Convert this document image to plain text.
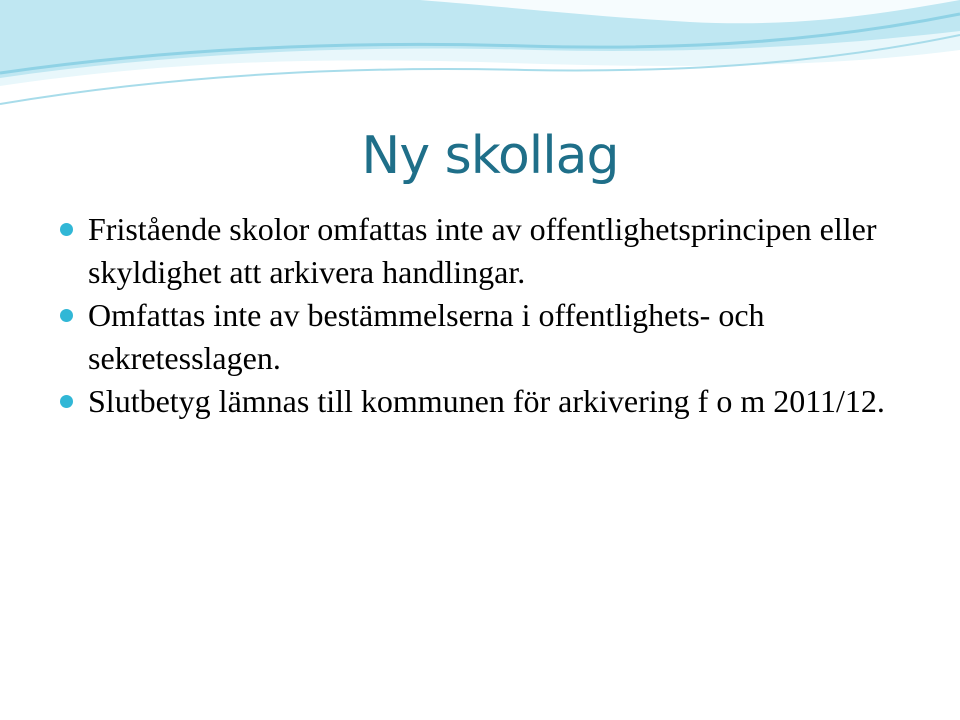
Ny skollag
Fristående skolor omfattas inte av offentlighetsprincipen eller skyldighet att arkivera handlingar.
Omfattas inte av bestämmelserna i offentlighets- och sekretesslagen.
Slutbetyg lämnas till kommunen för arkivering f o m 2011/12.
